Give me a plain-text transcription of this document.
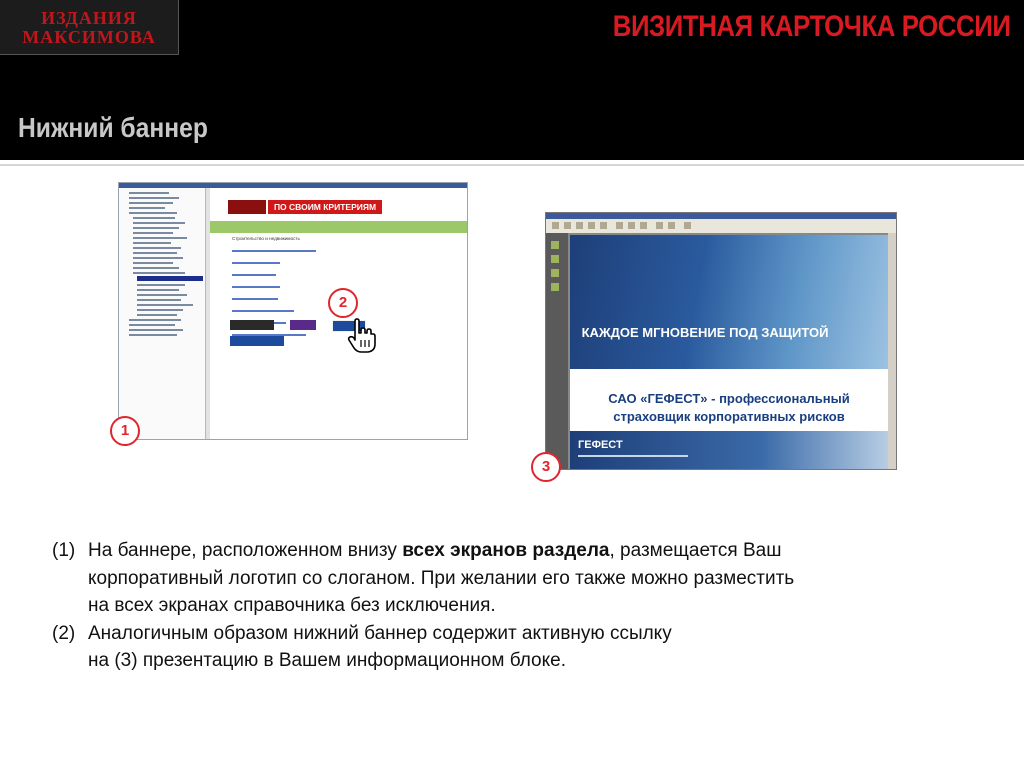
ИЗДАНИЯ
МАКСИМОВА	ВИЗИТНАЯ КАРТОЧКА РОССИИ
Нижний баннер
ПО СВОИМ КРИТЕРИЯМ
Строительство и недвижимость
КАЖДОЕ МГНОВЕНИЕ ПОД ЗАЩИТОЙ
САО «ГЕФЕСТ» - профессиональный
страховщик корпоративных рисков
ГЕФЕСТ
1
2
3
(1) На баннере, расположенном внизу всех экранов раздела, размещается Ваш
корпоративный логотип со слоганом. При желании его также можно разместить
на всех экранах справочника без исключения.
(2) Аналогичным образом нижний баннер содержит активную ссылку
на (3) презентацию в Вашем информационном блоке.
